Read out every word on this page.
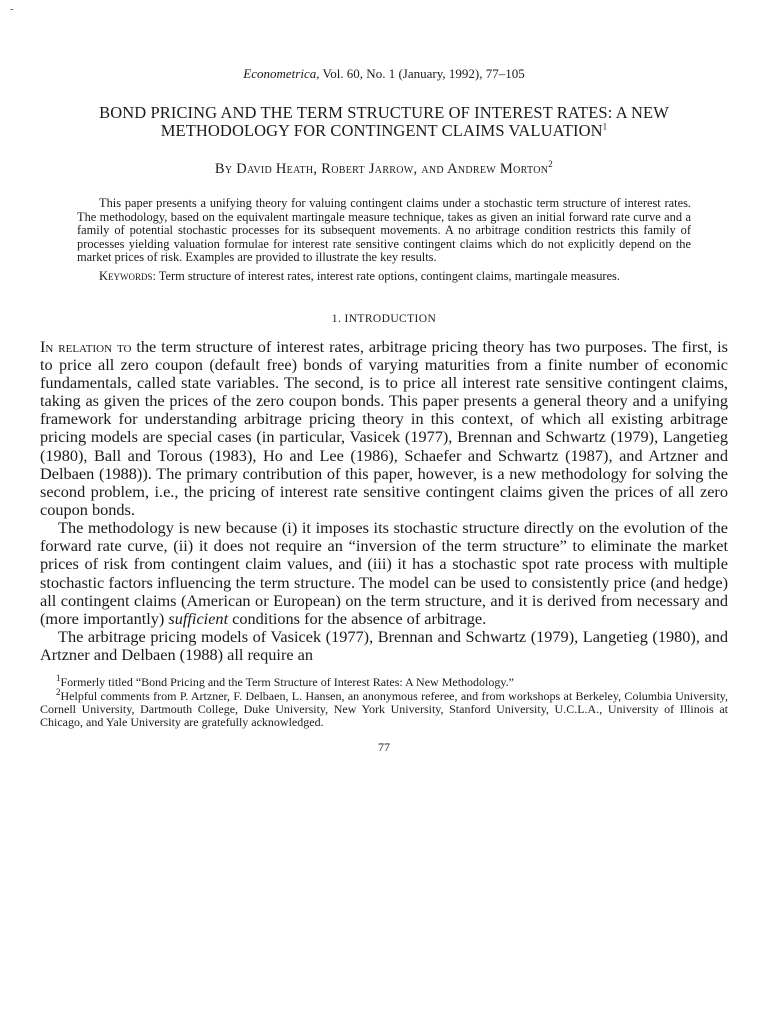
-
Econometrica, Vol. 60, No. 1 (January, 1992), 77–105
BOND PRICING AND THE TERM STRUCTURE OF INTEREST RATES: A NEW METHODOLOGY FOR CONTINGENT CLAIMS VALUATION$^1$
By David Heath, Robert Jarrow, and Andrew Morton$^2$

This paper presents a unifying theory for valuing contingent claims under a stochastic term structure of interest rates. The methodology, based on the equivalent martingale measure technique, takes as given an initial forward rate curve and a family of potential stochastic processes for its subsequent movements. A no arbitrage condition restricts this family of processes yielding valuation formulae for interest rate sensitive contingent claims which do not explicitly depend on the market prices of risk. Examples are provided to illustrate the key results.

Keywords: Term structure of interest rates, interest rate options, contingent claims, martingale measures.

1. INTRODUCTION

In relation to the term structure of interest rates, arbitrage pricing theory has two purposes. The first, is to price all zero coupon (default free) bonds of varying maturities from a finite number of economic fundamentals, called state variables. The second, is to price all interest rate sensitive contingent claims, taking as given the prices of the zero coupon bonds. This paper presents a general theory and a unifying framework for understanding arbitrage pricing theory in this context, of which all existing arbitrage pricing models are special cases (in particular, Vasicek (1977), Brennan and Schwartz (1979), Langetieg (1980), Ball and Torous (1983), Ho and Lee (1986), Schaefer and Schwartz (1987), and Artzner and Delbaen (1988)). The primary contribution of this paper, however, is a new methodology for solving the second problem, i.e., the pricing of interest rate sensitive contingent claims given the prices of all zero coupon bonds.

The methodology is new because (i) it imposes its stochastic structure directly on the evolution of the forward rate curve, (ii) it does not require an “inversion of the term structure” to eliminate the market prices of risk from contingent claim values, and (iii) it has a stochastic spot rate process with multiple stochastic factors influencing the term structure. The model can be used to consistently price (and hedge) all contingent claims (American or European) on the term structure, and it is derived from necessary and (more importantly) sufficient conditions for the absence of arbitrage.

The arbitrage pricing models of Vasicek (1977), Brennan and Schwartz (1979), Langetieg (1980), and Artzner and Delbaen (1988) all require an

$^1$Formerly titled “Bond Pricing and the Term Structure of Interest Rates: A New Methodology.”

$^2$Helpful comments from P. Artzner, F. Delbaen, L. Hansen, an anonymous referee, and from workshops at Berkeley, Columbia University, Cornell University, Dartmouth College, Duke University, New York University, Stanford University, U.C.L.A., University of Illinois at Chicago, and Yale University are gratefully acknowledged.

77
